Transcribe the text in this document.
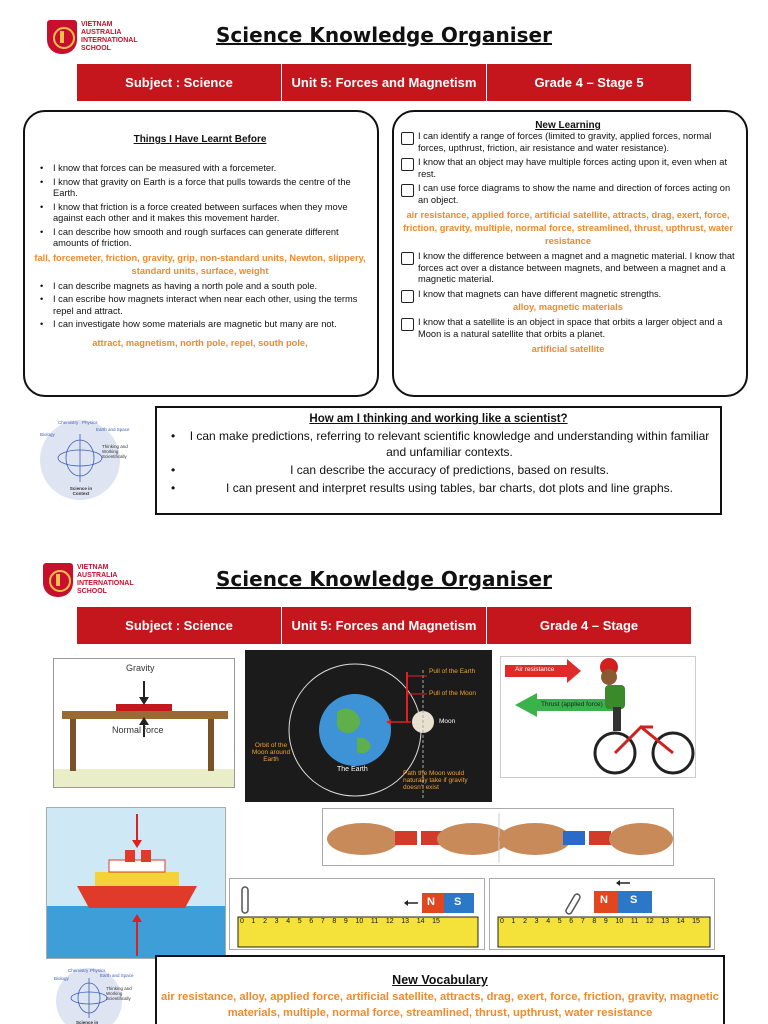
VIETNAM
AUSTRALIA
INTERNATIONAL
SCHOOL
Science Knowledge Organiser
Subject : Science	Unit 5: Forces and Magnetism	Grade 4 – Stage 5
Things I Have Learnt Before
• I know that forces can be measured with a forcemeter.
• I know that gravity on Earth is a force that pulls towards the centre of the Earth.
• I know that friction is a force created between surfaces when they move against each other and it makes this movement harder.
• I can describe how smooth and rough surfaces can generate different amounts of friction.
fall, forcemeter, friction, gravity, grip, non-standard units, Newton, slippery, standard units, surface, weight
• I can describe magnets as having a north pole and a south pole.
• I can escribe how magnets interact when near each other, using the terms repel and attract.
• I can investigate how some materials are magnetic but many are not.
attract, magnetism, north pole, repel, south pole,
New Learning
I can identify a range of forces (limited to gravity, applied forces, normal forces, upthrust, friction, air resistance and water resistance).
I know that an object may have multiple forces acting upon it, even when at rest.
I can use force diagrams to show the name and direction of forces acting on an object.
air resistance, applied force, artificial satellite, attracts, drag, exert, force, friction, gravity, multiple, normal force, streamlined, thrust, upthrust, water resistance
I know the difference between a magnet and a magnetic material. I know that forces act over a distance between magnets, and between a magnet and a magnetic material.
I know that magnets can have different magnetic strengths.
alloy, magnetic materials
I know that a satellite is an object in space that orbits a larger object and a Moon is a natural satellite that orbits a planet.
artificial satellite
Chemistry Physics
Biology
Earth and Space
Thinking and Working Scientifically
Science in Context
How am I thinking and working like a scientist?
• I can make predictions, referring to relevant scientific knowledge and understanding within familiar and unfamiliar contexts.
• I can describe the accuracy of predictions, based on results.
• I can present and interpret results using tables, bar charts, dot plots and line graphs.
VIETNAM
AUSTRALIA
INTERNATIONAL
SCHOOL
Science Knowledge Organiser
Subject : Science	Unit 5: Forces and Magnetism	Grade 4 – Stage
Gravity
Normal force
Pull of the Earth
Pull of the Moon
Moon
The Earth
Orbit of the Moon around Earth
Path the Moon would naturally take if gravity doesn't exist
Air resistance
Thrust (applied force)
N S
0 1 2 3 4 5 6 7 8 9 10 11 12 13 14 15
N S
0 1 2 3 4 5 6 7 8 9 10 11 12 13 14 15
Chemistry Physics
Biology
Earth and Space
Thinking and Working Scientifically
Science in
New Vocabulary
air resistance, alloy, applied force, artificial satellite, attracts, drag, exert, force, friction, gravity, magnetic materials, multiple, normal force, streamlined, thrust, upthrust, water resistance
